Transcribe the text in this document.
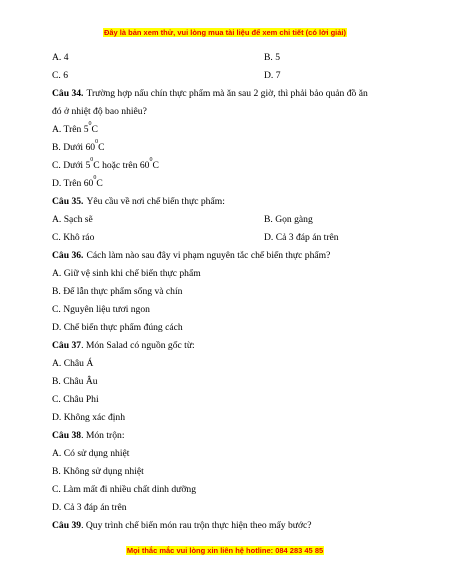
Đây là bản xem thử, vui lòng mua tài liệu để xem chi tiết (có lời giải)
A. 4	B. 5
C. 6	D. 7
Câu 34. Trường hợp nấu chín thực phẩm mà ăn sau 2 giờ, thì phải bảo quản đồ ăn
đó ở nhiệt độ bao nhiêu?
A. Trên 5 0 C
B. Dưới 60 0 C
C. Dưới 5 0 C hoặc trên 60 0 C
D. Trên 60 0 C
Câu 35. Yêu cầu về nơi chế biến thực phẩm:
A. Sạch sẽ	B. Gọn gàng
C. Khô ráo	D. Cả 3 đáp án trên
Câu 36. Cách làm nào sau đây vi phạm nguyên tắc chế biến thực phẩm?
A. Giữ vệ sinh khi chế biến thực phẩm
B. Để lẫn thực phẩm sống và chín
C. Nguyên liệu tươi ngon
D. Chế biến thực phẩm đúng cách
Câu 37 . Món Salad có nguồn gốc từ:
A. Châu Á
B. Châu Âu
C. Châu Phi
D. Không xác định
Câu 38 . Món trộn:
A. Có sử dụng nhiệt
B. Không sử dụng nhiệt
C. Làm mất đi nhiều chất dinh dưỡng
D. Cả 3 đáp án trên
Câu 39 . Quy trình chế biến món rau trộn thực hiện theo mấy bước?
Mọi thắc mắc vui lòng xin liên hệ hotline: 084 283 45 85
